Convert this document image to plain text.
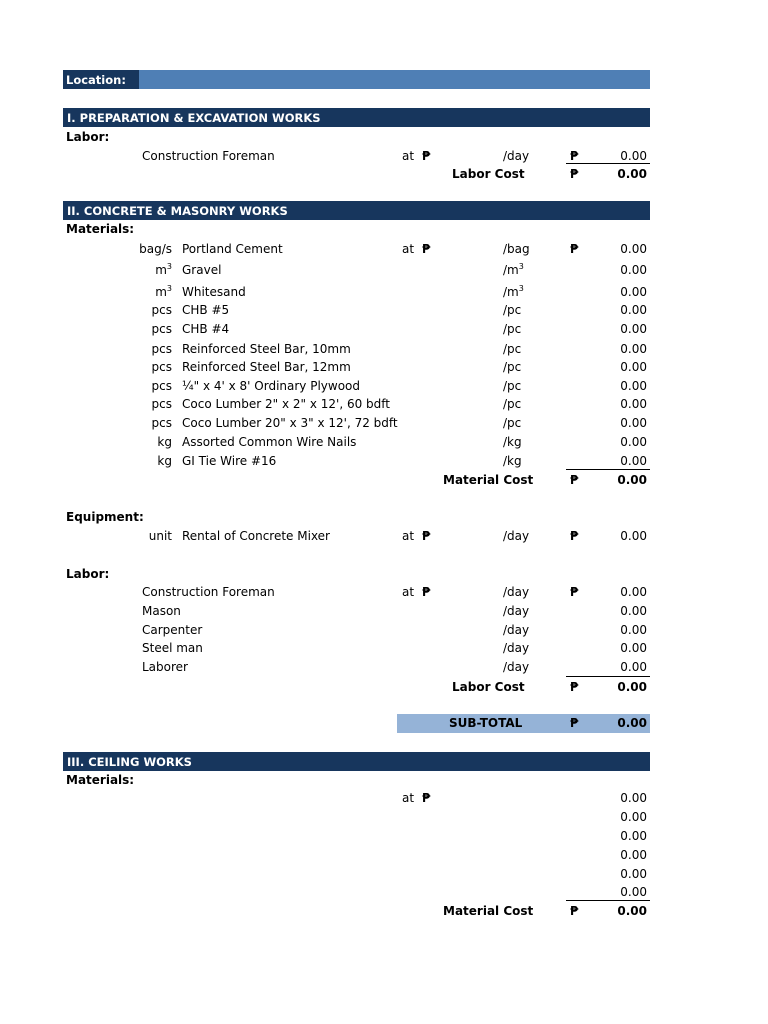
Location:
I. PREPARATION & EXCAVATION WORKS
Labor:
Construction Foreman	at ₱	/day	₱	0.00
Labor Cost	₱	0.00
II. CONCRETE & MASONRY WORKS
Materials:
bag/s Portland Cement	at ₱	/bag	₱	0.00
$m^3$ Gravel	$/m^3$	0.00
$m^3$ Whitesand	$/m^3$	0.00
pcs CHB #5	/pc	0.00
pcs CHB #4	/pc	0.00
pcs Reinforced Steel Bar, 10mm	/pc	0.00
pcs Reinforced Steel Bar, 12mm	/pc	0.00
pcs ¼" x 4' x 8' Ordinary Plywood	/pc	0.00
pcs Coco Lumber 2" x 2" x 12', 60 bdft	/pc	0.00
pcs Coco Lumber 20" x 3" x 12', 72 bdft	/pc	0.00
kg Assorted Common Wire Nails	/kg	0.00
kg GI Tie Wire #16	/kg	0.00
Material Cost	₱	0.00
Equipment:
unit Rental of Concrete Mixer	at ₱	/day	₱	0.00
Labor:
Construction Foreman	at ₱	/day	₱	0.00
Mason	/day	0.00
Carpenter	/day	0.00
Steel man	/day	0.00
Laborer	/day	0.00
Labor Cost	₱	0.00
SUB-TOTAL	₱	0.00
III. CEILING WORKS
Materials:
at ₱	0.00
0.00
0.00
0.00
0.00
0.00
Material Cost	₱	0.00
